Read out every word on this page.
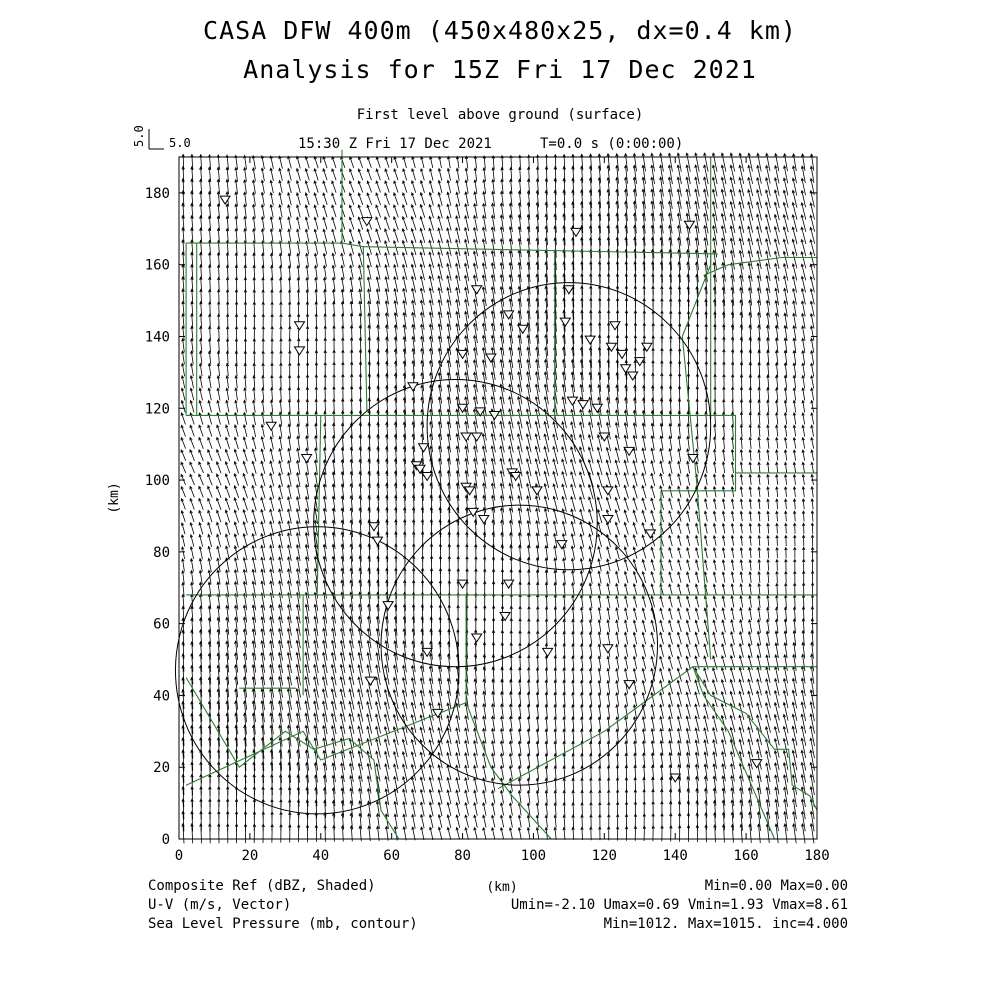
CASA DFW 400m (450x480x25, dx=0.4 km)
Analysis for 15Z Fri 17 Dec 2021
First level above ground (surface)
15:30 Z Fri 17 Dec 2021	T=0.0 s (0:00:00)
0	20	40	60	80	100	120	140	160	180
0
20
40
60
80
100
120
140
160
180
5.0 5.0
(km)
(km)
Composite Ref (dBZ, Shaded)
U-V (m/s, Vector)
Sea Level Pressure (mb, contour)
Min=0.00 Max=0.00
Umin=-2.10 Umax=0.69 Vmin=1.93 Vmax=8.61
Min=1012. Max=1015. inc=4.000
